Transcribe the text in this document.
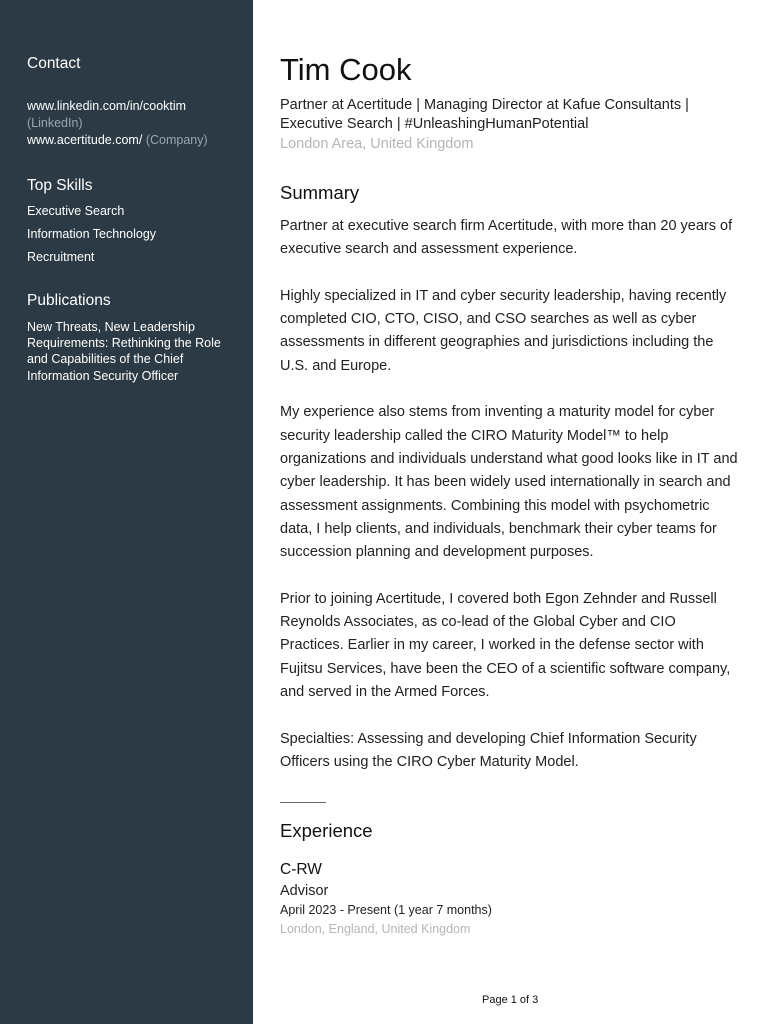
Contact
www.linkedin.com/in/cooktim
(LinkedIn)
www.acertitude.com/ (Company)
Top Skills
Executive Search
Information Technology
Recruitment
Publications
New Threats, New Leadership Requirements: Rethinking the Role and Capabilities of the Chief Information Security Officer
Tim Cook
Partner at Acertitude | Managing Director at Kafue Consultants | Executive Search | #UnleashingHumanPotential
London Area, United Kingdom
Summary

Partner at executive search firm Acertitude, with more than 20 years of executive search and assessment experience.

Highly specialized in IT and cyber security leadership, having recently completed CIO, CTO, CISO, and CSO searches as well as cyber assessments in different geographies and jurisdictions including the U.S. and Europe.

My experience also stems from inventing a maturity model for cyber security leadership called the CIRO Maturity Model™ to help organizations and individuals understand what good looks like in IT and cyber leadership. It has been widely used internationally in search and assessment assignments. Combining this model with psychometric data, I help clients, and individuals, benchmark their cyber teams for succession planning and development purposes.

Prior to joining Acertitude, I covered both Egon Zehnder and Russell Reynolds Associates, as co-lead of the Global Cyber and CIO Practices. Earlier in my career, I worked in the defense sector with Fujitsu Services, have been the CEO of a scientific software company, and served in the Armed Forces.

Specialties: Assessing and developing Chief Information Security Officers using the CIRO Cyber Maturity Model.

Experience
C-RW
Advisor
April 2023 - Present (1 year 7 months)
London, England, United Kingdom
Page 1 of 3
